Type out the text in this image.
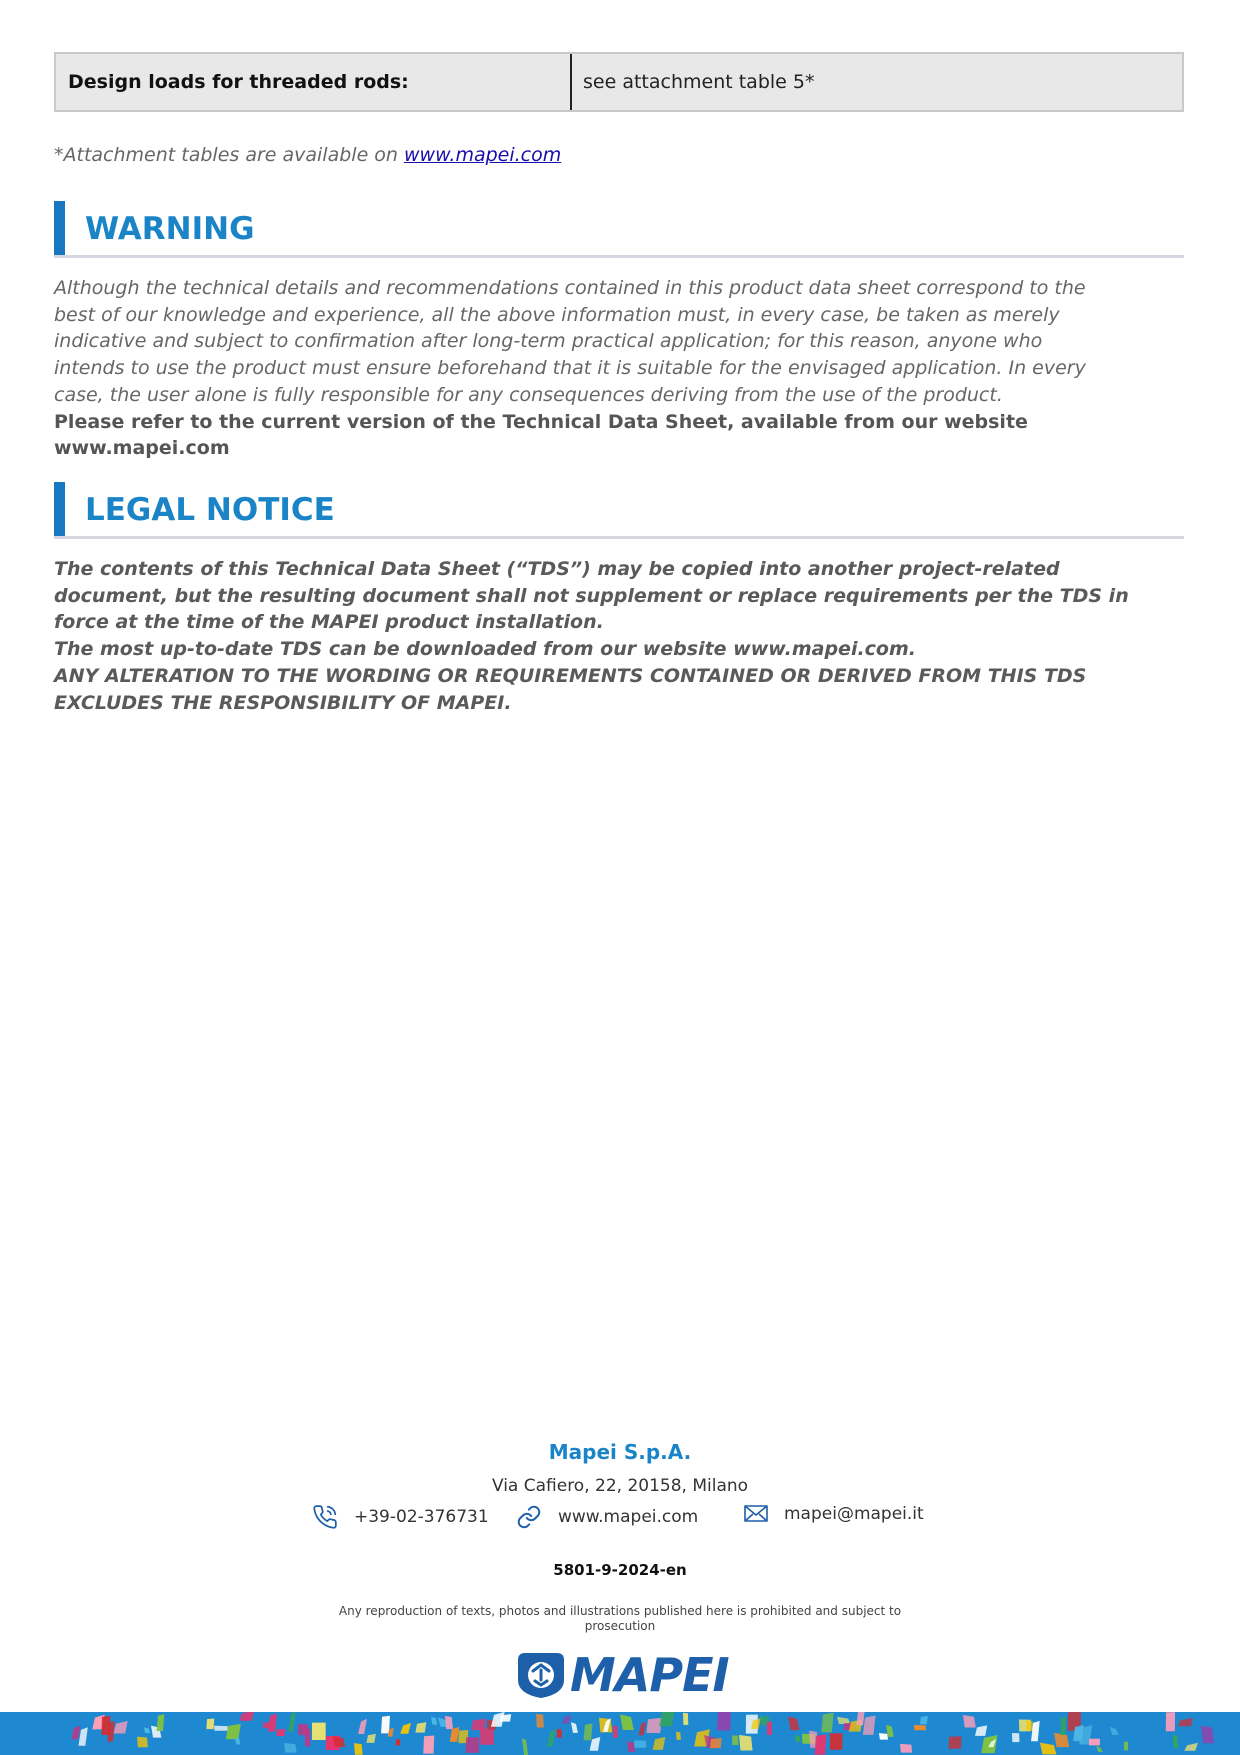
Design loads for threaded rods:	see attachment table 5*
*Attachment tables are available on www.mapei.com
WARNING
Although the technical details and recommendations contained in this product data sheet correspond to the
best of our knowledge and experience, all the above information must, in every case, be taken as merely
indicative and subject to confirmation after long-term practical application; for this reason, anyone who
intends to use the product must ensure beforehand that it is suitable for the envisaged application. In every
case, the user alone is fully responsible for any consequences deriving from the use of the product.
Please refer to the current version of the Technical Data Sheet, available from our website
www.mapei.com
LEGAL NOTICE
The contents of this Technical Data Sheet (“TDS”) may be copied into another project-related
document, but the resulting document shall not supplement or replace requirements per the TDS in
force at the time of the MAPEI product installation.
The most up-to-date TDS can be downloaded from our website www.mapei.com.
ANY ALTERATION TO THE WORDING OR REQUIREMENTS CONTAINED OR DERIVED FROM THIS TDS
EXCLUDES THE RESPONSIBILITY OF MAPEI.
Mapei S.p.A.
Via Cafiero, 22, 20158, Milano
+39-02-376731	www.mapei.com	mapei@mapei.it
5801-9-2024-en
Any reproduction of texts, photos and illustrations published here is prohibited and subject to prosecution
MAPEI
